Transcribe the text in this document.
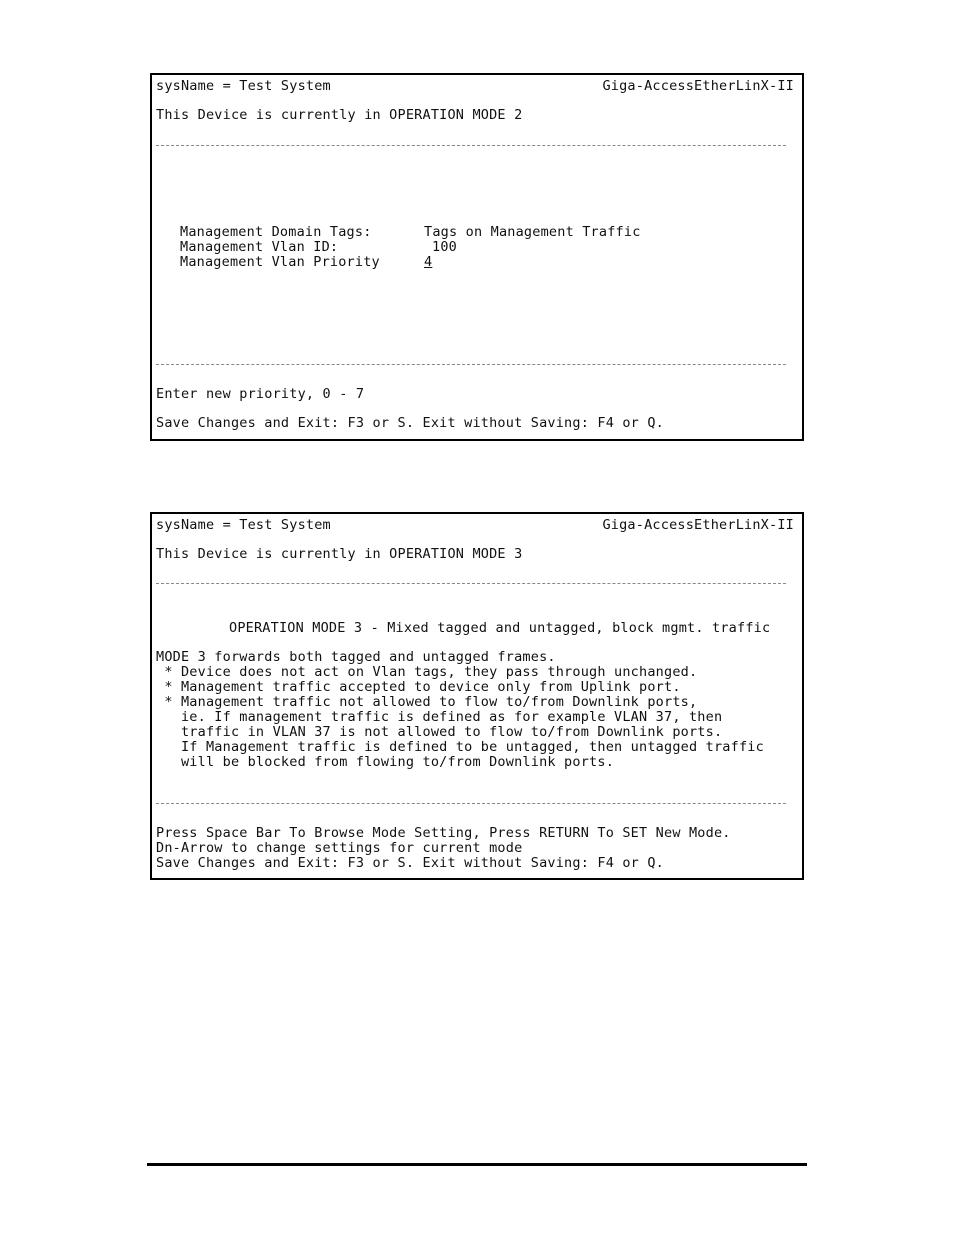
sysName = Test System	Giga-AccessEtherLinX-II
This Device is currently in OPERATION MODE 2
Management Domain Tags:	Tags on Management Traffic
Management Vlan ID:	100
Management Vlan Priority	4
Enter new priority, 0 - 7
Save Changes and Exit: F3 or S. Exit without Saving: F4 or Q.
sysName = Test System	Giga-AccessEtherLinX-II
This Device is currently in OPERATION MODE 3
OPERATION MODE 3 - Mixed tagged and untagged, block mgmt. traffic
MODE 3 forwards both tagged and untagged frames.
* Device does not act on Vlan tags, they pass through unchanged.
* Management traffic accepted to device only from Uplink port.
* Management traffic not allowed to flow to/from Downlink ports,
ie. If management traffic is defined as for example VLAN 37, then
traffic in VLAN 37 is not allowed to flow to/from Downlink ports.
If Management traffic is defined to be untagged, then untagged traffic
will be blocked from flowing to/from Downlink ports.
Press Space Bar To Browse Mode Setting, Press RETURN To SET New Mode.
Dn-Arrow to change settings for current mode
Save Changes and Exit: F3 or S. Exit without Saving: F4 or Q.
